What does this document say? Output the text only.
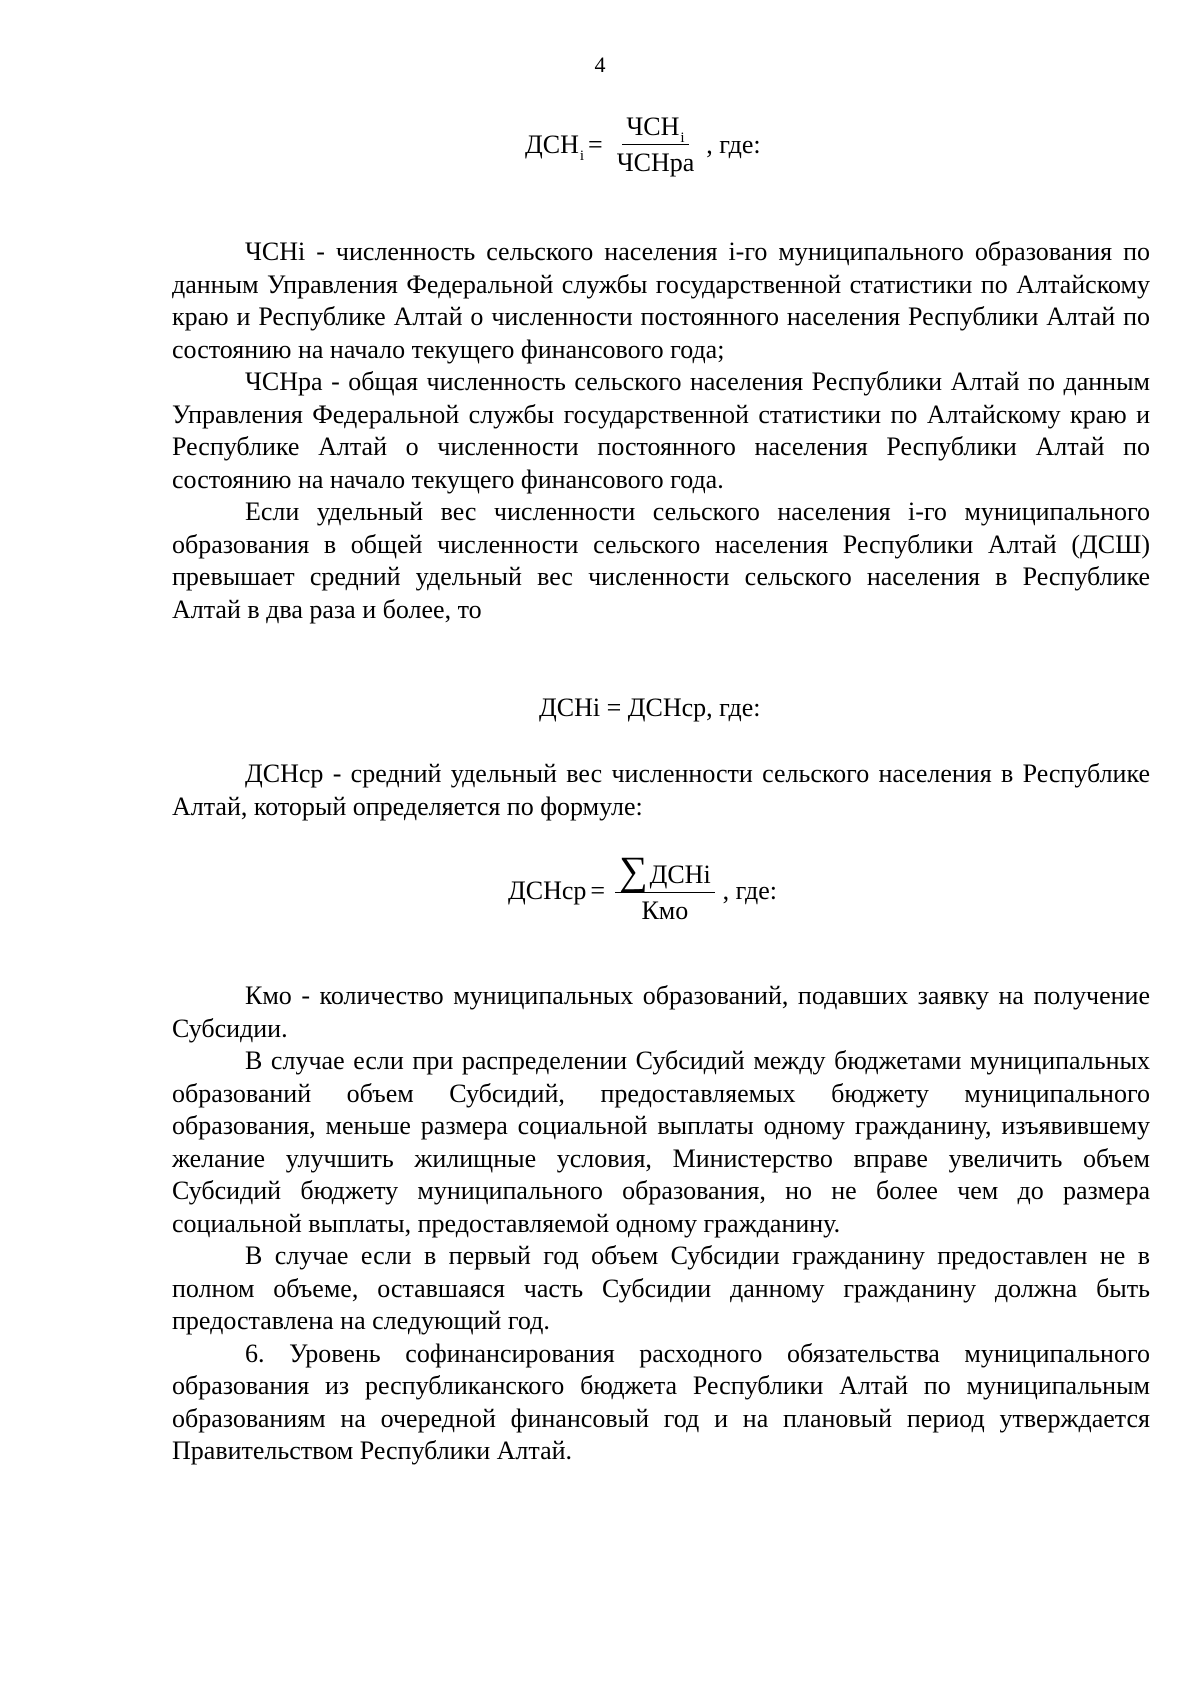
4
$ДСН_i = \frac{ЧСН_i}{\text{ЧСНра}}$ , где:

ЧСНi - численность сельского населения i-го муниципального образования по данным Управления Федеральной службы государственной статистики по Алтайскому краю и Республике Алтай о численности постоянного населения Республики Алтай по состоянию на начало текущего финансового года;

ЧСНра - общая численность сельского населения Республики Алтай по данным Управления Федеральной службы государственной статистики по Алтайскому краю и Республике Алтай о численности постоянного населения Республики Алтай по состоянию на начало текущего финансового года.

Если удельный вес численности сельского населения i-го муниципального образования в общей численности сельского населения Республики Алтай (ДСШ) превышает средний удельный вес численности сельского населения в Республике Алтай в два раза и более, то

ДСНi = ДСНср, где:

ДСНср - средний удельный вес численности сельского населения в Республике Алтай, который определяется по формуле:

ДСНср = $\frac{\text{∑ДСНi}}{\text{Кмо}}$ , где:

Кмо - количество муниципальных образований, подавших заявку на получение Субсидии.

В случае если при распределении Субсидий между бюджетами муниципальных образований объем Субсидий, предоставляемых бюджету муниципального образования, меньше размера социальной выплаты одному гражданину, изъявившему желание улучшить жилищные условия, Министерство вправе увеличить объем Субсидий бюджету муниципального образования, но не более чем до размера социальной выплаты, предоставляемой одному гражданину.

В случае если в первый год объем Субсидии гражданину предоставлен не в полном объеме, оставшаяся часть Субсидии данному гражданину должна быть предоставлена на следующий год.

6. Уровень софинансирования расходного обязательства муниципального образования из республиканского бюджета Республики Алтай по муниципальным образованиям на очередной финансовый год и на плановый период утверждается Правительством Республики Алтай.
